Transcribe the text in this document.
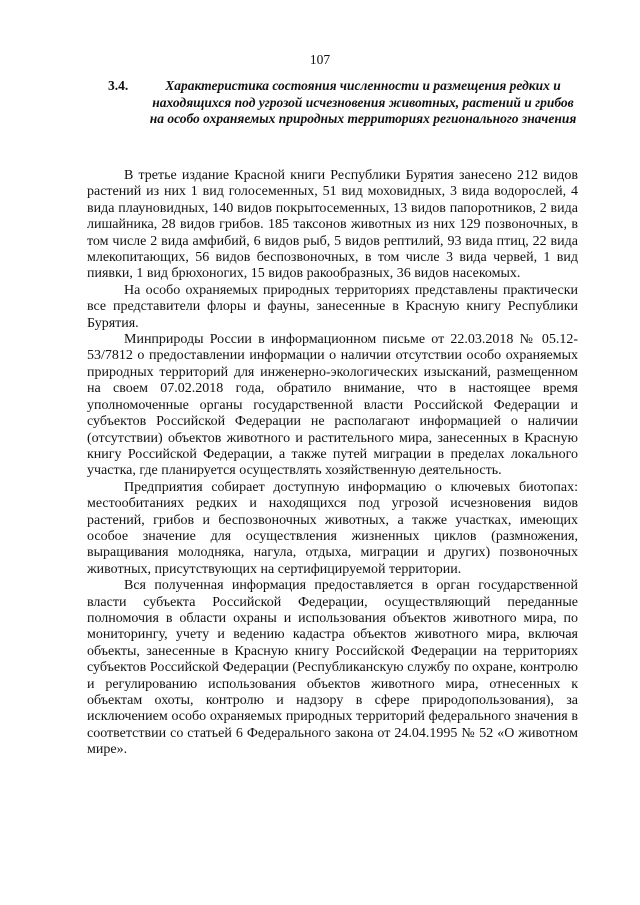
107
3.4.	Характеристика состояния численности и размещения редких и находящихся под угрозой исчезновения животных, растений и грибов на особо охраняемых природных территориях регионального значения

В третье издание Красной книги Республики Бурятия занесено 212 видов растений из них 1 вид голосеменных, 51 вид моховидных, 3 вида водорослей, 4 вида плауновидных, 140 видов покрытосеменных, 13 видов папоротников, 2 вида лишайника, 28 видов грибов. 185 таксонов животных из них 129 позвоночных, в том числе 2 вида амфибий, 6 видов рыб, 5 видов рептилий, 93 вида птиц, 22 вида млекопитающих, 56 видов беспозвоночных, в том числе 3 вида червей, 1 вид пиявки, 1 вид брюхоногих, 15 видов ракообразных, 36 видов насекомых.

На особо охраняемых природных территориях представлены практически все представители флоры и фауны, занесенные в Красную книгу Республики Бурятия.

Минприроды России в информационном письме от 22.03.2018 № 05.12-53/7812 о предоставлении информации о наличии отсутствии особо охраняемых природных территорий для инженерно-экологических изысканий, размещенном на своем 07.02.2018 года, обратило внимание, что в настоящее время уполномоченные органы государственной власти Российской Федерации и субъектов Российской Федерации не располагают информацией о наличии (отсутствии) объектов животного и растительного мира, занесенных в Красную книгу Российской Федерации, а также путей миграции в пределах локального участка, где планируется осуществлять хозяйственную деятельность.

Предприятия собирает доступную информацию о ключевых биотопах: местообитаниях редких и находящихся под угрозой исчезновения видов растений, грибов и беспозвоночных животных, а также участках, имеющих особое значение для осуществления жизненных циклов (размножения, выращивания молодняка, нагула, отдыха, миграции и других) позвоночных животных, присутствующих на сертифицируемой территории.

Вся полученная информация предоставляется в орган государственной власти субъекта Российской Федерации, осуществляющий переданные полномочия в области охраны и использования объектов животного мира, по мониторингу, учету и ведению кадастра объектов животного мира, включая объекты, занесенные в Красную книгу Российской Федерации на территориях субъектов Российской Федерации (Республиканскую службу по охране, контролю и регулированию использования объектов животного мира, отнесенных к объектам охоты, контролю и надзору в сфере природопользования), за исключением особо охраняемых природных территорий федерального значения в соответствии со статьей 6 Федерального закона от 24.04.1995 № 52 «О животном мире».
